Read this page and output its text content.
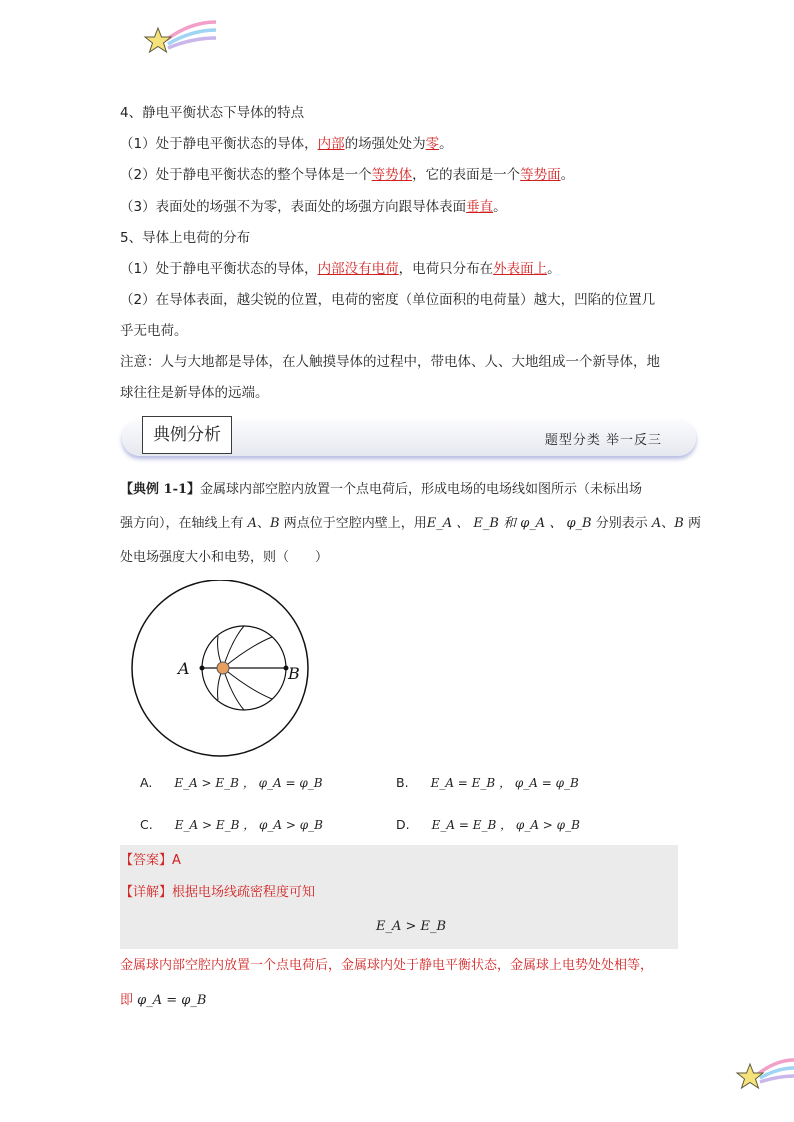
4、静电平衡状态下导体的特点
（1）处于静电平衡状态的导体，内部的场强处处为零。
（2）处于静电平衡状态的整个导体是一个等势体，它的表面是一个等势面。
（3）表面处的场强不为零，表面处的场强方向跟导体表面垂直。
5、导体上电荷的分布
（1）处于静电平衡状态的导体，内部没有电荷，电荷只分布在外表面上。
（2）在导体表面，越尖锐的位置，电荷的密度（单位面积的电荷量）越大，凹陷的位置几
乎无电荷。
注意：人与大地都是导体，在人触摸导体的过程中，带电体、人、大地组成一个新导体，地
球往往是新导体的远端。
典例分析	题型分类 举一反三
【典例 1-1】金属球内部空腔内放置一个点电荷后，形成电场的电场线如图所示（未标出场
强方向），在轴线上有 A、B 两点位于空腔内壁上，用E_A 、 E_B 和 φ_A 、 φ_B 分别表示 A、B 两
处电场强度大小和电势，则（　　）
A	B
A. E_A > E_B ， φ_A = φ_B	B. E_A = E_B ， φ_A = φ_B
C. E_A > E_B ， φ_A > φ_B	D. E_A = E_B ， φ_A > φ_B
【答案】A
【详解】根据电场线疏密程度可知
E_A > E_B
金属球内部空腔内放置一个点电荷后，金属球内处于静电平衡状态，金属球上电势处处相等，
即 φ_A = φ_B
